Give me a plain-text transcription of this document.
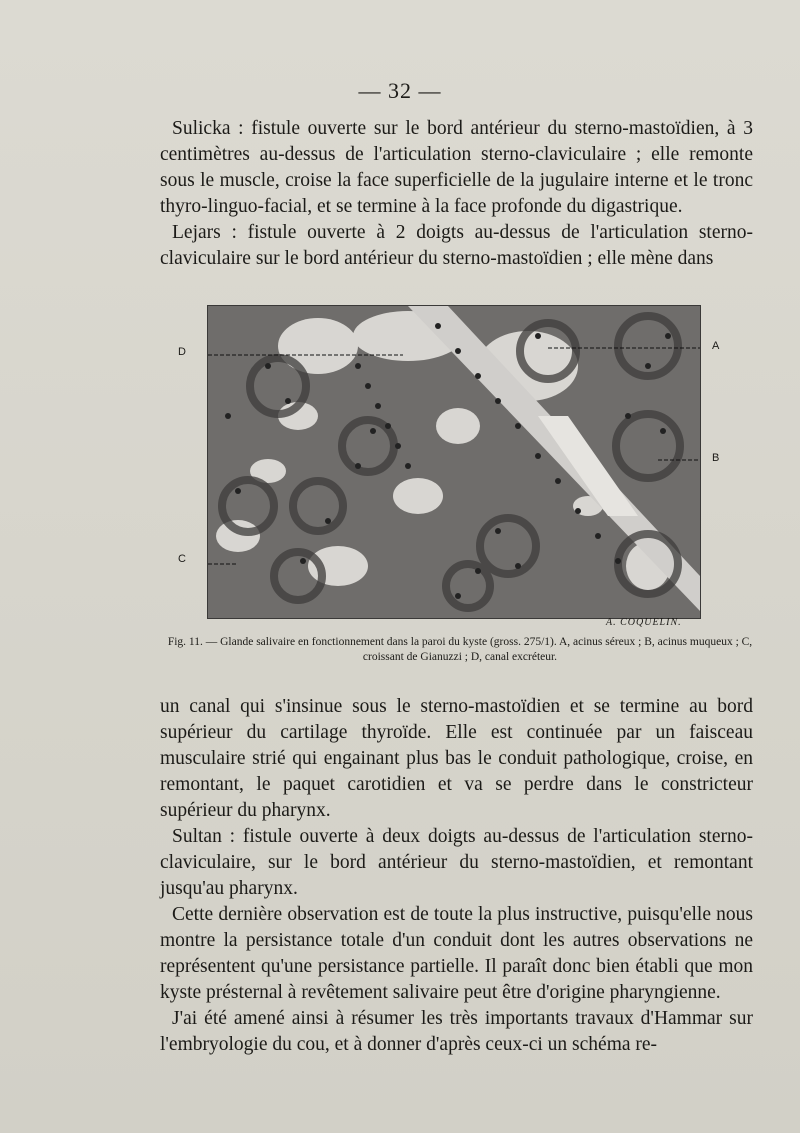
— 32 —

Sulicka : fistule ouverte sur le bord antérieur du sterno-mastoïdien, à 3 centimètres au-dessus de l'articulation sterno-claviculaire ; elle remonte sous le muscle, croise la face superficielle de la jugulaire interne et le tronc thyro-linguo-facial, et se termine à la face profonde du digastrique.

Lejars : fistule ouverte à 2 doigts au-dessus de l'articulation sterno-claviculaire sur le bord antérieur du sterno-mastoïdien ; elle mène dans

D	A
B
C
A. COQUELIN.
Fig. 11. — Glande salivaire en fonctionnement dans la paroi du kyste (gross. 275/1). A, acinus séreux ; B, acinus muqueux ; C, croissant de Gianuzzi ; D, canal excréteur.

un canal qui s'insinue sous le sterno-mastoïdien et se termine au bord supérieur du cartilage thyroïde. Elle est continuée par un faisceau musculaire strié qui engainant plus bas le conduit pathologique, croise, en remontant, le paquet carotidien et va se perdre dans le constricteur supérieur du pharynx.

Sultan : fistule ouverte à deux doigts au-dessus de l'articulation sterno-claviculaire, sur le bord antérieur du sterno-mastoïdien, et remontant jusqu'au pharynx.

Cette dernière observation est de toute la plus instructive, puisqu'elle nous montre la persistance totale d'un conduit dont les autres observations ne représentent qu'une persistance partielle. Il paraît donc bien établi que mon kyste présternal à revêtement salivaire peut être d'origine pharyngienne.

J'ai été amené ainsi à résumer les très importants travaux d'Hammar sur l'embryologie du cou, et à donner d'après ceux-ci un schéma re-
